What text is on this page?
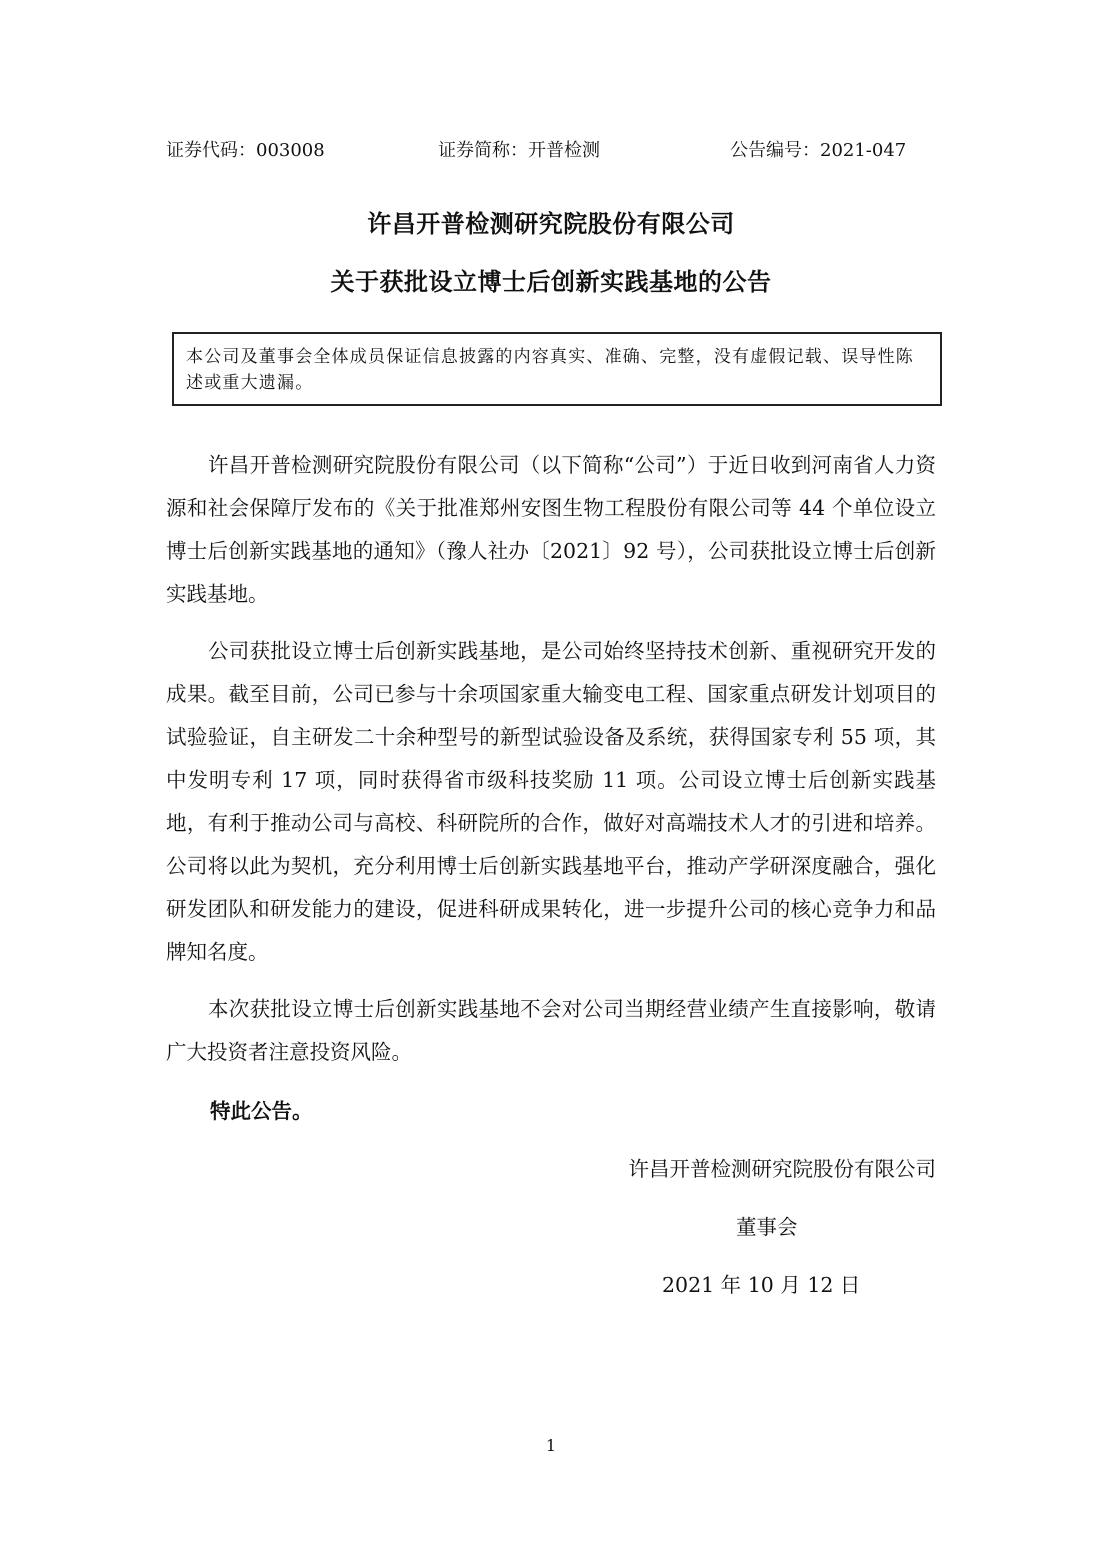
证券代码：003008	证券简称：开普检测	公告编号：2021-047
许昌开普检测研究院股份有限公司
关于获批设立博士后创新实践基地的公告
本公司及董事会全体成员保证信息披露的内容真实、准确、完整，没有虚假记载、误导性陈述或重大遗漏。

许昌开普检测研究院股份有限公司（以下简称“公司”）于近日收到河南省人力资源和社会保障厅发布的《关于批准郑州安图生物工程股份有限公司等 44 个单位设立博士后创新实践基地的通知》（豫人社办〔2021〕92 号），公司获批设立博士后创新实践基地。

公司获批设立博士后创新实践基地，是公司始终坚持技术创新、重视研究开发的成果。截至目前，公司已参与十余项国家重大输变电工程、国家重点研发计划项目的试验验证，自主研发二十余种型号的新型试验设备及系统，获得国家专利 55 项，其中发明专利 17 项，同时获得省市级科技奖励 11 项。公司设立博士后创新实践基地，有利于推动公司与高校、科研院所的合作，做好对高端技术人才的引进和培养。公司将以此为契机，充分利用博士后创新实践基地平台，推动产学研深度融合，强化研发团队和研发能力的建设，促进科研成果转化，进一步提升公司的核心竞争力和品牌知名度。

本次获批设立博士后创新实践基地不会对公司当期经营业绩产生直接影响，敬请广大投资者注意投资风险。

特此公告。
许昌开普检测研究院股份有限公司
董事会
2021 年 10 月 12 日
1
